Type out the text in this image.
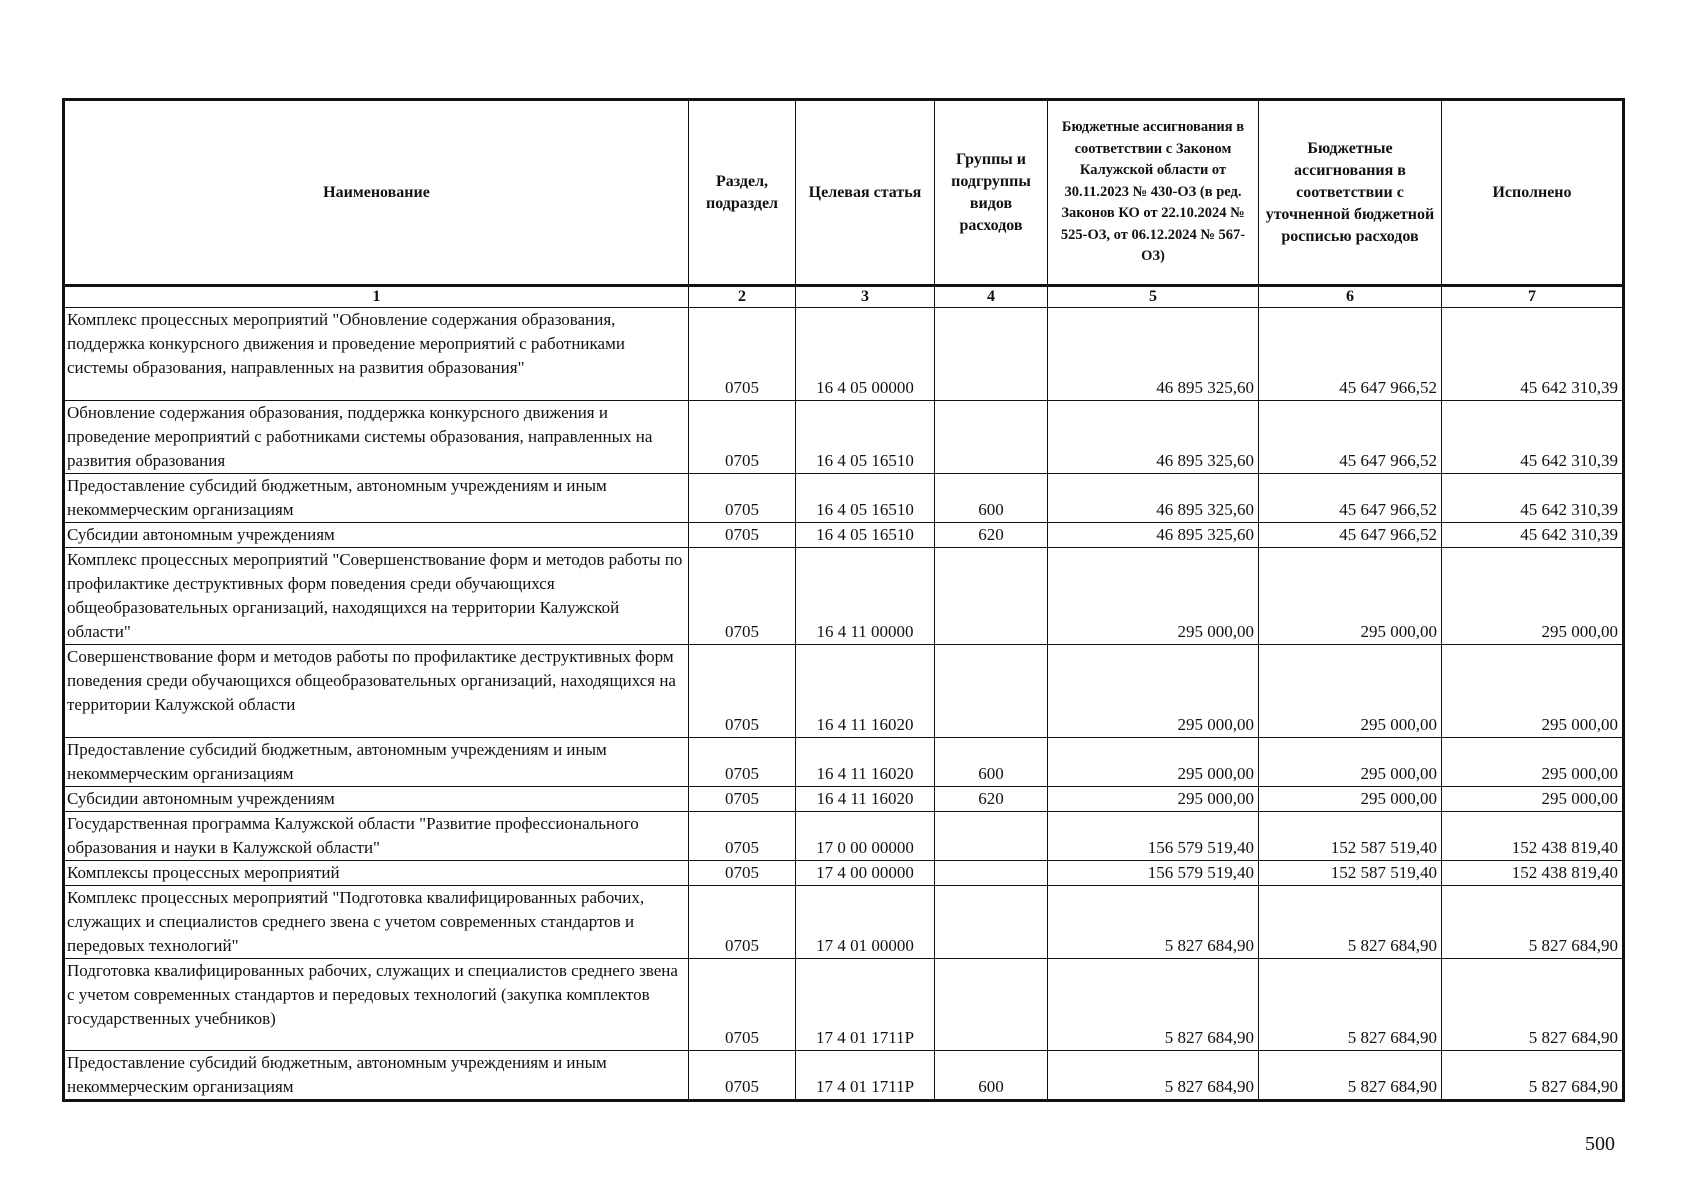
Наименование	Раздел, подраздел	Целевая статья	Группы и подгруппы видов расходов	Бюджетные ассигнования в соответствии с Законом Калужской области от 30.11.2023 № 430-ОЗ (в ред. Законов КО от 22.10.2024 № 525-ОЗ, от 06.12.2024 № 567-ОЗ)	Бюджетные ассигнования в соответствии с уточненной бюджетной росписью расходов	Исполнено
1	2	3	4	5	6	7
Комплекс процессных мероприятий "Обновление содержания образования, поддержка конкурсного движения и проведение мероприятий с работниками системы образования, направленных на развития образования"	0705	16 4 05 00000		46 895 325,60	45 647 966,52	45 642 310,39
Обновление содержания образования, поддержка конкурсного движения и проведение мероприятий с работниками системы образования, направленных на развития образования	0705	16 4 05 16510		46 895 325,60	45 647 966,52	45 642 310,39
Предоставление субсидий бюджетным, автономным учреждениям и иным некоммерческим организациям	0705	16 4 05 16510	600	46 895 325,60	45 647 966,52	45 642 310,39
Субсидии автономным учреждениям	0705	16 4 05 16510	620	46 895 325,60	45 647 966,52	45 642 310,39
Комплекс процессных мероприятий "Совершенствование форм и методов работы по профилактике деструктивных форм поведения среди обучающихся общеобразовательных организаций, находящихся на территории Калужской области"	0705	16 4 11 00000		295 000,00	295 000,00	295 000,00
Совершенствование форм и методов работы по профилактике деструктивных форм поведения среди обучающихся общеобразовательных организаций, находящихся на территории Калужской области	0705	16 4 11 16020		295 000,00	295 000,00	295 000,00
Предоставление субсидий бюджетным, автономным учреждениям и иным некоммерческим организациям	0705	16 4 11 16020	600	295 000,00	295 000,00	295 000,00
Субсидии автономным учреждениям	0705	16 4 11 16020	620	295 000,00	295 000,00	295 000,00
Государственная программа Калужской области "Развитие профессионального образования и науки в Калужской области"	0705	17 0 00 00000		156 579 519,40	152 587 519,40	152 438 819,40
Комплексы процессных мероприятий	0705	17 4 00 00000		156 579 519,40	152 587 519,40	152 438 819,40
Комплекс процессных мероприятий "Подготовка квалифицированных рабочих, служащих и специалистов среднего звена с учетом современных стандартов и передовых технологий"	0705	17 4 01 00000		5 827 684,90	5 827 684,90	5 827 684,90
Подготовка квалифицированных рабочих, служащих и специалистов среднего звена с учетом современных стандартов и передовых технологий (закупка комплектов государственных учебников)	0705	17 4 01 1711P		5 827 684,90	5 827 684,90	5 827 684,90
Предоставление субсидий бюджетным, автономным учреждениям и иным некоммерческим организациям	0705	17 4 01 1711P	600	5 827 684,90	5 827 684,90	5 827 684,90
500
